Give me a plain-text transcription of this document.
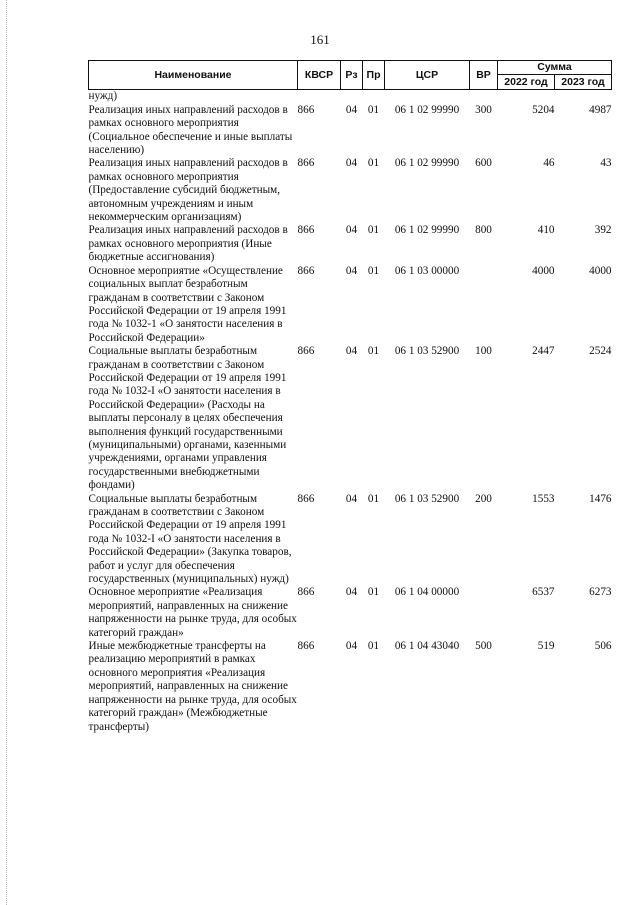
161
Наименование	КВСР	Рз	Пр	ЦСР	ВР	Сумма	
						2022 год	2023 год
нужд)							
Реализация иных направлений расходов в рамках основного мероприятия (Социальное обеспечение и иные выплаты населению)	866	04	01	06 1 02 99990	300	5204	4987
Реализация иных направлений расходов в рамках основного мероприятия (Предоставление субсидий бюджетным, автономным учреждениям и иным некоммерческим организациям)	866	04	01	06 1 02 99990	600	46	43
Реализация иных направлений расходов в рамках основного мероприятия (Иные бюджетные ассигнования)	866	04	01	06 1 02 99990	800	410	392
Основное мероприятие «Осуществление социальных выплат безработным гражданам в соответствии с Законом Российской Федерации от 19 апреля 1991 года № 1032-1 «О занятости населения в Российской Федерации»	866	04	01	06 1 03 00000		4000	4000
Социальные выплаты безработным гражданам в соответствии с Законом Российской Федерации от 19 апреля 1991 года № 1032-I «О занятости населения в Российской Федерации» (Расходы на выплаты персоналу в целях обеспечения выполнения функций государственными (муниципальными) органами, казенными учреждениями, органами управления государственными внебюджетными фондами)	866	04	01	06 1 03 52900	100	2447	2524
Социальные выплаты безработным гражданам в соответствии с Законом Российской Федерации от 19 апреля 1991 года № 1032-I «О занятости населения в Российской Федерации» (Закупка товаров, работ и услуг для обеспечения государственных (муниципальных) нужд)	866	04	01	06 1 03 52900	200	1553	1476
Основное мероприятие «Реализация мероприятий, направленных на снижение напряженности на рынке труда, для особых категорий граждан»	866	04	01	06 1 04 00000		6537	6273
Иные межбюджетные трансферты на реализацию мероприятий в рамках основного мероприятия «Реализация мероприятий, направленных на снижение напряженности на рынке труда, для особых категорий граждан» (Межбюджетные трансферты)	866	04	01	06 1 04 43040	500	519	506
